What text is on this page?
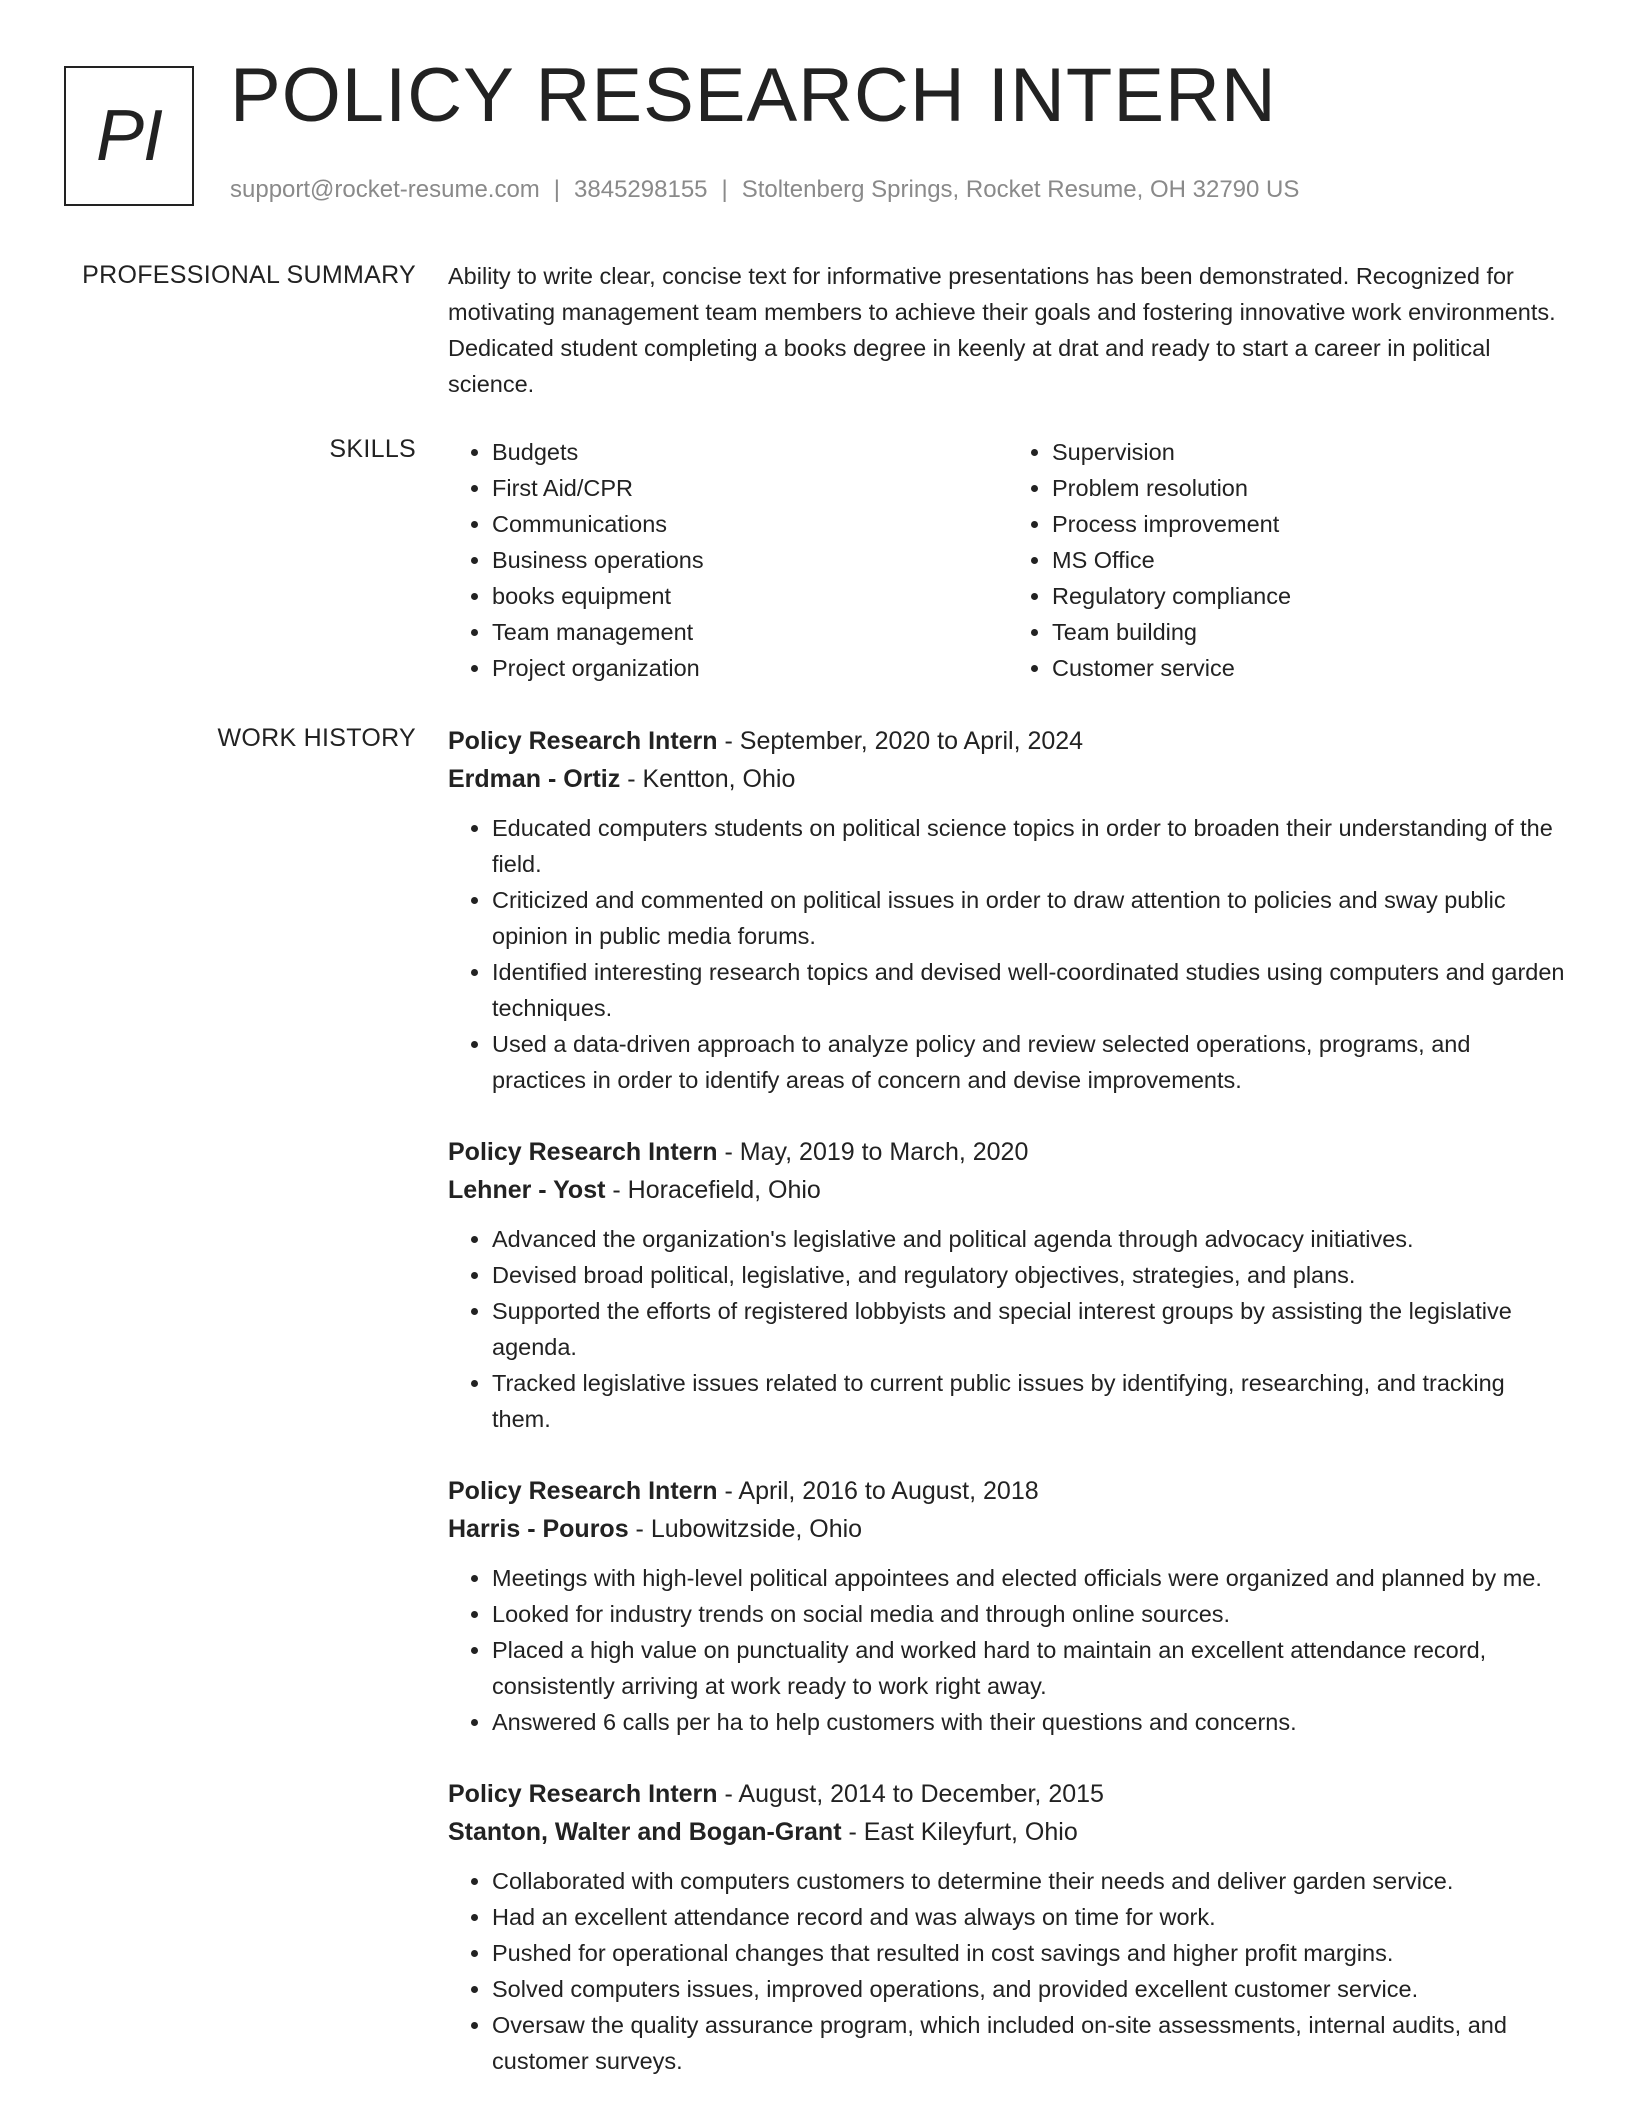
PI POLICY RESEARCH INTERN
support@rocket-resume.com | 3845298155 | Stoltenberg Springs, Rocket Resume, OH 32790 US
PROFESSIONAL SUMMARY Ability to write clear, concise text for informative presentations has been demonstrated. Recognized for motivating management team members to achieve their goals and fostering innovative work environments. Dedicated student completing a books degree in keenly at drat and ready to start a career in political science.

SKILLS
•	Budgets
• First Aid/CPR
• Communications
• Business operations
• books equipment
• Team management
• Project organization
• Supervision
• Problem resolution
• Process improvement
• MS Office
• Regulatory compliance
• Team building
• Customer service
WORK HISTORY Policy Research Intern - September, 2020 to April, 2024
Erdman - Ortiz - Kentton, Ohio
• Educated computers students on political science topics in order to broaden their understanding of the field.
• Criticized and commented on political issues in order to draw attention to policies and sway public opinion in public media forums.
• Identified interesting research topics and devised well-coordinated studies using computers and garden techniques.
• Used a data-driven approach to analyze policy and review selected operations, programs, and practices in order to identify areas of concern and devise improvements.
Policy Research Intern - May, 2019 to March, 2020
Lehner - Yost - Horacefield, Ohio
• Advanced the organization's legislative and political agenda through advocacy initiatives.
• Devised broad political, legislative, and regulatory objectives, strategies, and plans.
• Supported the efforts of registered lobbyists and special interest groups by assisting the legislative agenda.
• Tracked legislative issues related to current public issues by identifying, researching, and tracking them.
Policy Research Intern - April, 2016 to August, 2018
Harris - Pouros - Lubowitzside, Ohio
• Meetings with high-level political appointees and elected officials were organized and planned by me.
• Looked for industry trends on social media and through online sources.
• Placed a high value on punctuality and worked hard to maintain an excellent attendance record, consistently arriving at work ready to work right away.
• Answered 6 calls per ha to help customers with their questions and concerns.
Policy Research Intern - August, 2014 to December, 2015
Stanton, Walter and Bogan-Grant - East Kileyfurt, Ohio
• Collaborated with computers customers to determine their needs and deliver garden service.
• Had an excellent attendance record and was always on time for work.
• Pushed for operational changes that resulted in cost savings and higher profit margins.
• Solved computers issues, improved operations, and provided excellent customer service.
• Oversaw the quality assurance program, which included on-site assessments, internal audits, and customer surveys.
